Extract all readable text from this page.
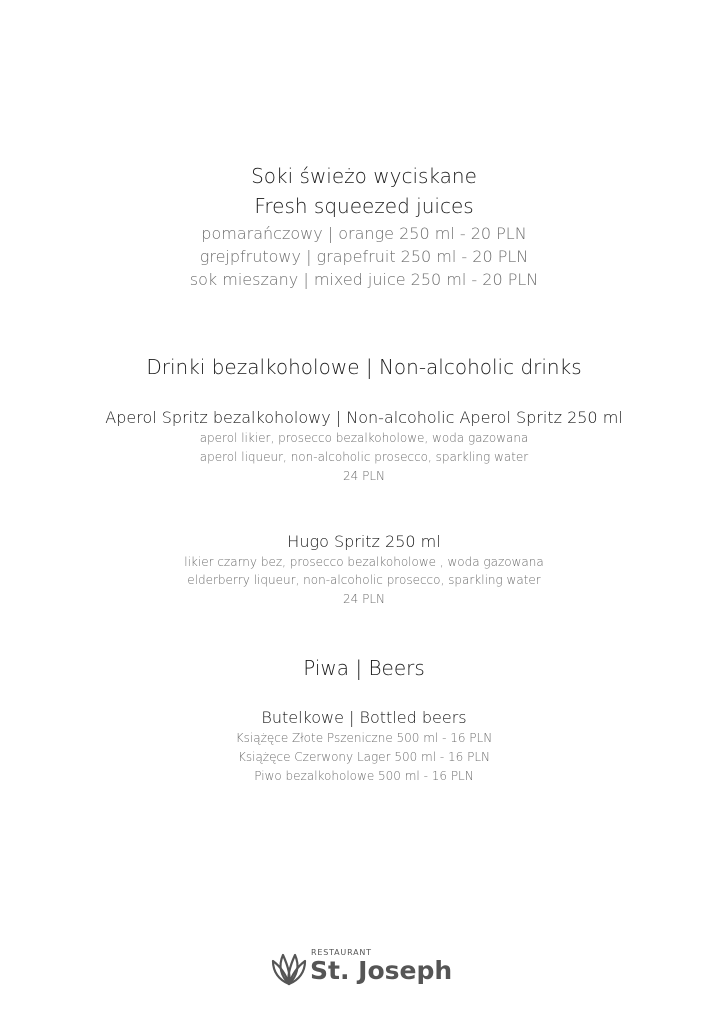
Soki świeżo wyciskane
Fresh squeezed juices
pomarańczowy | orange 250 ml - 20 PLN
grejpfrutowy | grapefruit 250 ml - 20 PLN
sok mieszany | mixed juice 250 ml - 20 PLN
Drinki bezalkoholowe | Non-alcoholic drinks
Aperol Spritz bezalkoholowy | Non-alcoholic Aperol Spritz 250 ml
aperol likier, prosecco bezalkoholowe, woda gazowana
aperol liqueur, non-alcoholic prosecco, sparkling water
24 PLN
Hugo Spritz 250 ml
likier czarny bez, prosecco bezalkoholowe , woda gazowana
elderberry liqueur, non-alcoholic prosecco, sparkling water
24 PLN
Piwa | Beers
Butelkowe | Bottled beers
Książęce Złote Pszeniczne 500 ml - 16 PLN
Książęce Czerwony Lager 500 ml - 16 PLN
Piwo bezalkoholowe 500 ml - 16 PLN
RESTAURANT
St. Joseph
